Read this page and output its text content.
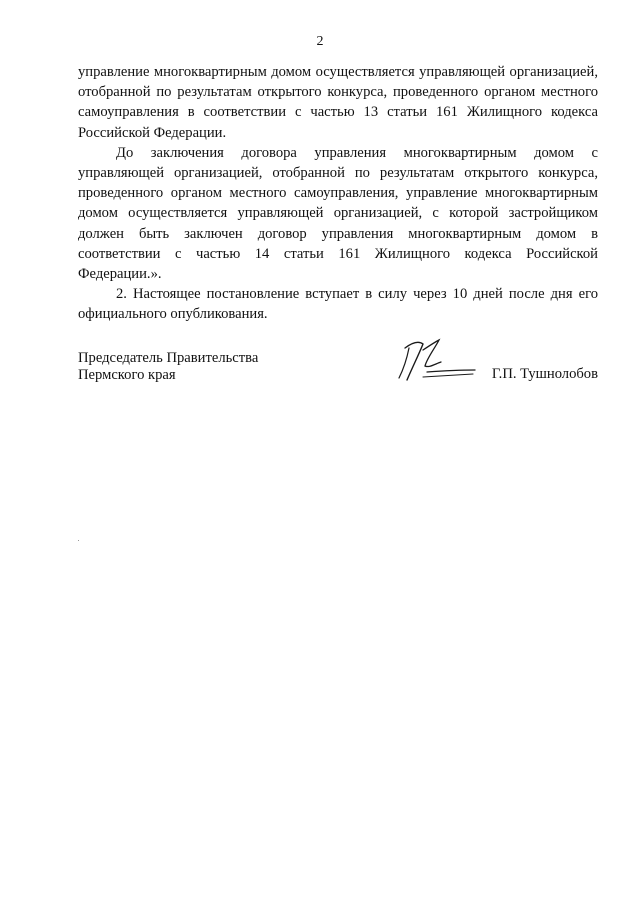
2

управление многоквартирным домом осуществляется управляющей организацией, отобранной по результатам открытого конкурса, проведенного органом местного самоуправления в соответствии с частью 13 статьи 161 Жилищного кодекса Российской Федерации.

До заключения договора управления многоквартирным домом с управляющей организацией, отобранной по результатам открытого конкурса, проведенного органом местного самоуправления, управление многоквартирным домом осуществляется управляющей организацией, с которой застройщиком должен быть заключен договор управления многоквартирным домом в соответствии с частью 14 статьи 161 Жилищного кодекса Российской Федерации.».

2. Настоящее постановление вступает в силу через 10 дней после дня его официального опубликования.

Председатель Правительства
Пермского края	Г.П. Тушнолобов
